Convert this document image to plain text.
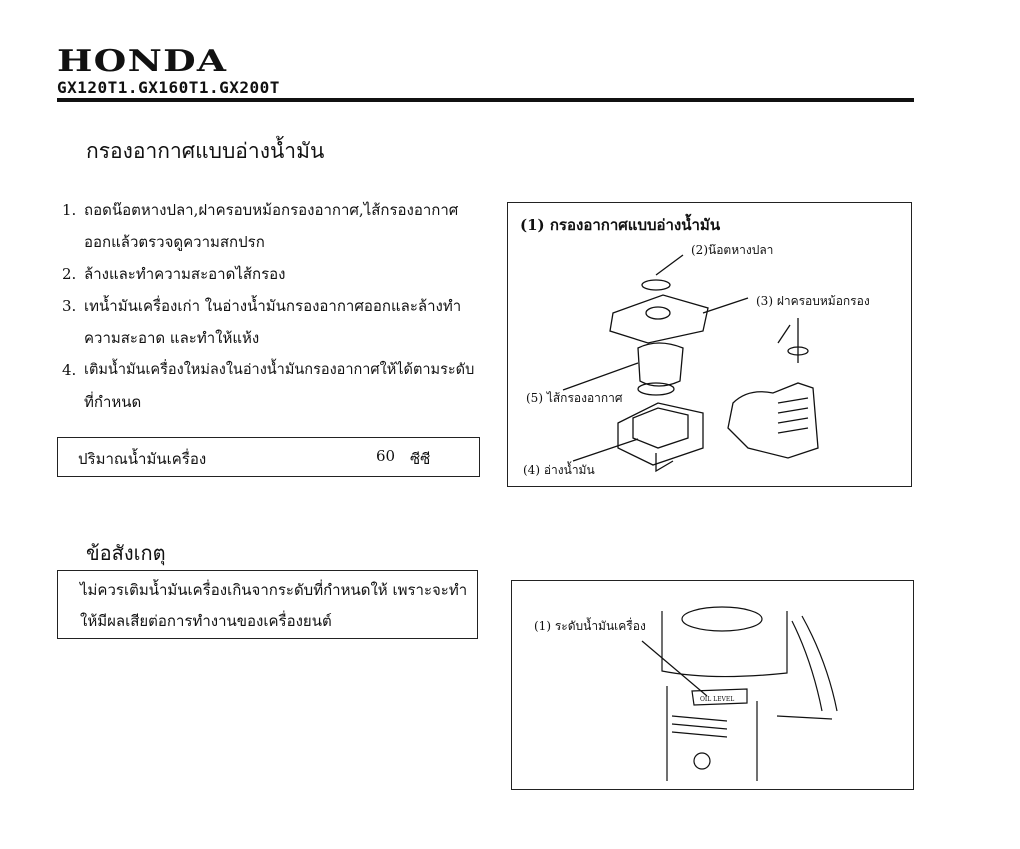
HONDA
GX120T1.GX160T1.GX200T
กรองอากาศแบบอ่างน้ำมัน
1. ถอดน๊อตหางปลา,ฝาครอบหม้อกรองอากาศ,ไส้กรองอากาศ
ออกแล้วตรวจดูความสกปรก
2. ล้างและทำความสะอาดไส้กรอง
3. เทน้ำมันเครื่องเก่า ในอ่างน้ำมันกรองอากาศออกและล้างทำ
ความสะอาด และทำให้แห้ง
4. เติมน้ำมันเครื่องใหม่ลงในอ่างน้ำมันกรองอากาศให้ได้ตามระดับ
ที่กำหนด
ปริมาณน้ำมันเครื่อง	60 ซีซี
ข้อสังเกตุ
ไม่ควรเติมน้ำมันเครื่องเกินจากระดับที่กำหนดให้ เพราะจะทำ
ให้มีผลเสียต่อการทำงานของเครื่องยนต์
(1) กรองอากาศแบบอ่างน้ำมัน
(2)น๊อตหางปลา
(3) ฝาครอบหม้อกรอง
(5) ไส้กรองอากาศ
(4) อ่างน้ำมัน
OIL LEVEL
(1) ระดับน้ำมันเครื่อง
